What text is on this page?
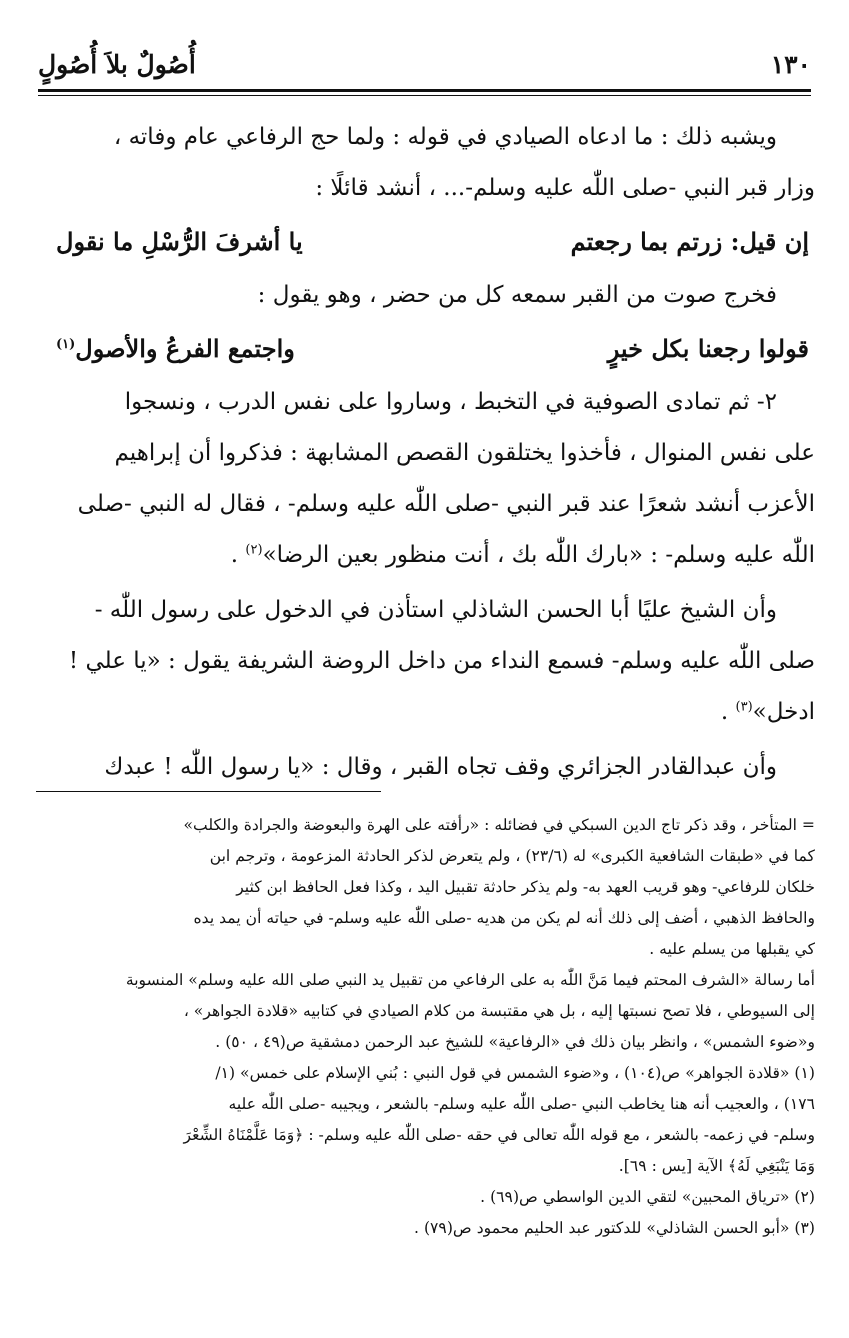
١٣٠
أُصُولٌ بلاَ أُصُولٍ

ويشبه ذلك : ما ادعاه الصيادي في قوله : ولما حج الرفاعي عام وفاته ،
وزار قبر النبي -صلى اللّٰه عليه وسلم-... ، أنشد قائلًا :

إن قيل: زرتم بما رجعتم
يا أشرفَ الرُّسْلِ ما نقول

فخرج صوت من القبر سمعه كل من حضر ، وهو يقول :

قولوا رجعنا بكل خيرٍ
واجتمع الفرعُ والأصول$^{(١)}$

٢- ثم تمادى الصوفية في التخبط ، وساروا على نفس الدرب ، ونسجوا
على نفس المنوال ، فأخذوا يختلقون القصص المشابهة : فذكروا أن إبراهيم
الأعزب أنشد شعرًا عند قبر النبي -صلى اللّٰه عليه وسلم- ، فقال له النبي -صلى
اللّٰه عليه وسلم- : «بارك اللّٰه بك ، أنت منظور بعين الرضا»$^{(٢)}$ .

وأن الشيخ عليًا أبا الحسن الشاذلي استأذن في الدخول على رسول اللّٰه -
صلى اللّٰه عليه وسلم- فسمع النداء من داخل الروضة الشريفة يقول : «يا علي !
ادخل»$^{(٣)}$ .

وأن عبدالقادر الجزائري وقف تجاه القبر ، وقال : «يا رسول اللّٰه ! عبدك

= المتأخر ، وقد ذكر تاج الدين السبكي في فضائله : «رأفته على الهرة والبعوضة والجرادة والكلب»
كما في «طبقات الشافعية الكبرى» له (٢٣/٦) ، ولم يتعرض لذكر الحادثة المزعومة ، وترجم ابن
خلكان للرفاعي- وهو قريب العهد به- ولم يذكر حادثة تقبيل اليد ، وكذا فعل الحافظ ابن كثير
والحافظ الذهبي ، أضف إلى ذلك أنه لم يكن من هديه -صلى اللّٰه عليه وسلم- في حياته أن يمد يده
كي يقبلها من يسلم عليه .
أما رسالة «الشرف المحتم فيما مَنَّ اللّٰه به على الرفاعي من تقبيل يد النبي صلى الله عليه وسلم» المنسوبة
إلى السيوطي ، فلا تصح نسبتها إليه ، بل هي مقتبسة من كلام الصيادي في كتابيه «قلادة الجواهر» ،
و«ضوء الشمس» ، وانظر بيان ذلك في «الرفاعية» للشيخ عبد الرحمن دمشقية ص(٤٩ ، ٥٠) .
(١) «قلادة الجواهر» ص(١٠٤) ، و«ضوء الشمس في قول النبي : بُني الإسلام على خمس» (١/
١٧٦) ، والعجيب أنه هنا يخاطب النبي -صلى اللّٰه عليه وسلم- بالشعر ، ويجيبه -صلى اللّٰه عليه
وسلم- في زعمه- بالشعر ، مع قوله اللّٰه تعالى في حقه -صلى اللّٰه عليه وسلم- : ﴿وَمَا عَلَّمْنَاهُ الشِّعْرَ
وَمَا يَنْبَغِي لَهُ﴾ الآية [يس : ٦٩].
(٢) «ترياق المحبين» لتقي الدين الواسطي ص(٦٩) .
(٣) «أبو الحسن الشاذلي» للدكتور عبد الحليم محمود ص(٧٩) .
